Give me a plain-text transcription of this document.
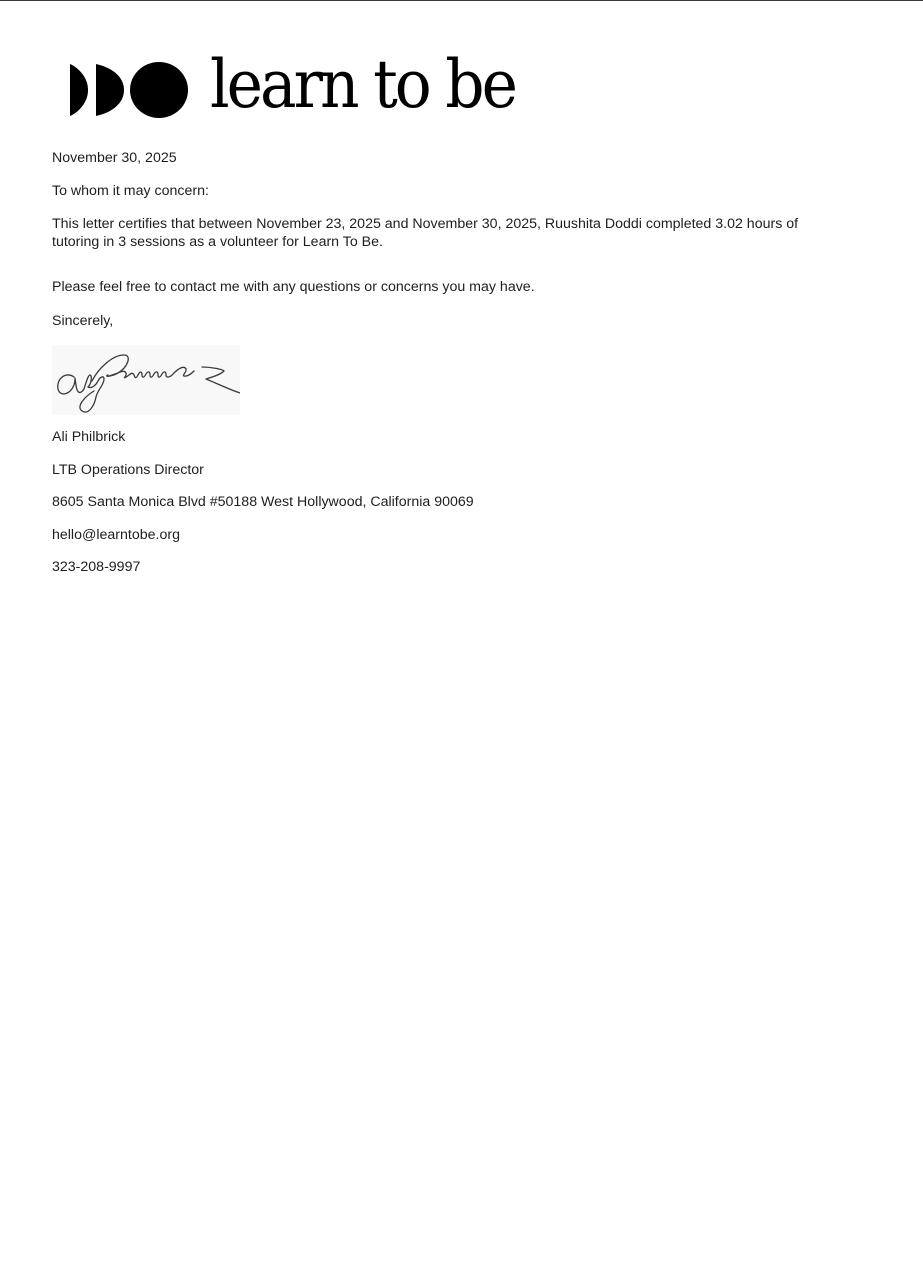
learn to be
November 30, 2025
To whom it may concern:
This letter certifies that between November 23, 2025 and November 30, 2025, Ruushita Doddi completed 3.02 hours of
tutoring in 3 sessions as a volunteer for Learn To Be.
Please feel free to contact me with any questions or concerns you may have.
Sincerely,
Ali Philbrick
LTB Operations Director
8605 Santa Monica Blvd #50188 West Hollywood, California 90069
hello@learntobe.org
323-208-9997
